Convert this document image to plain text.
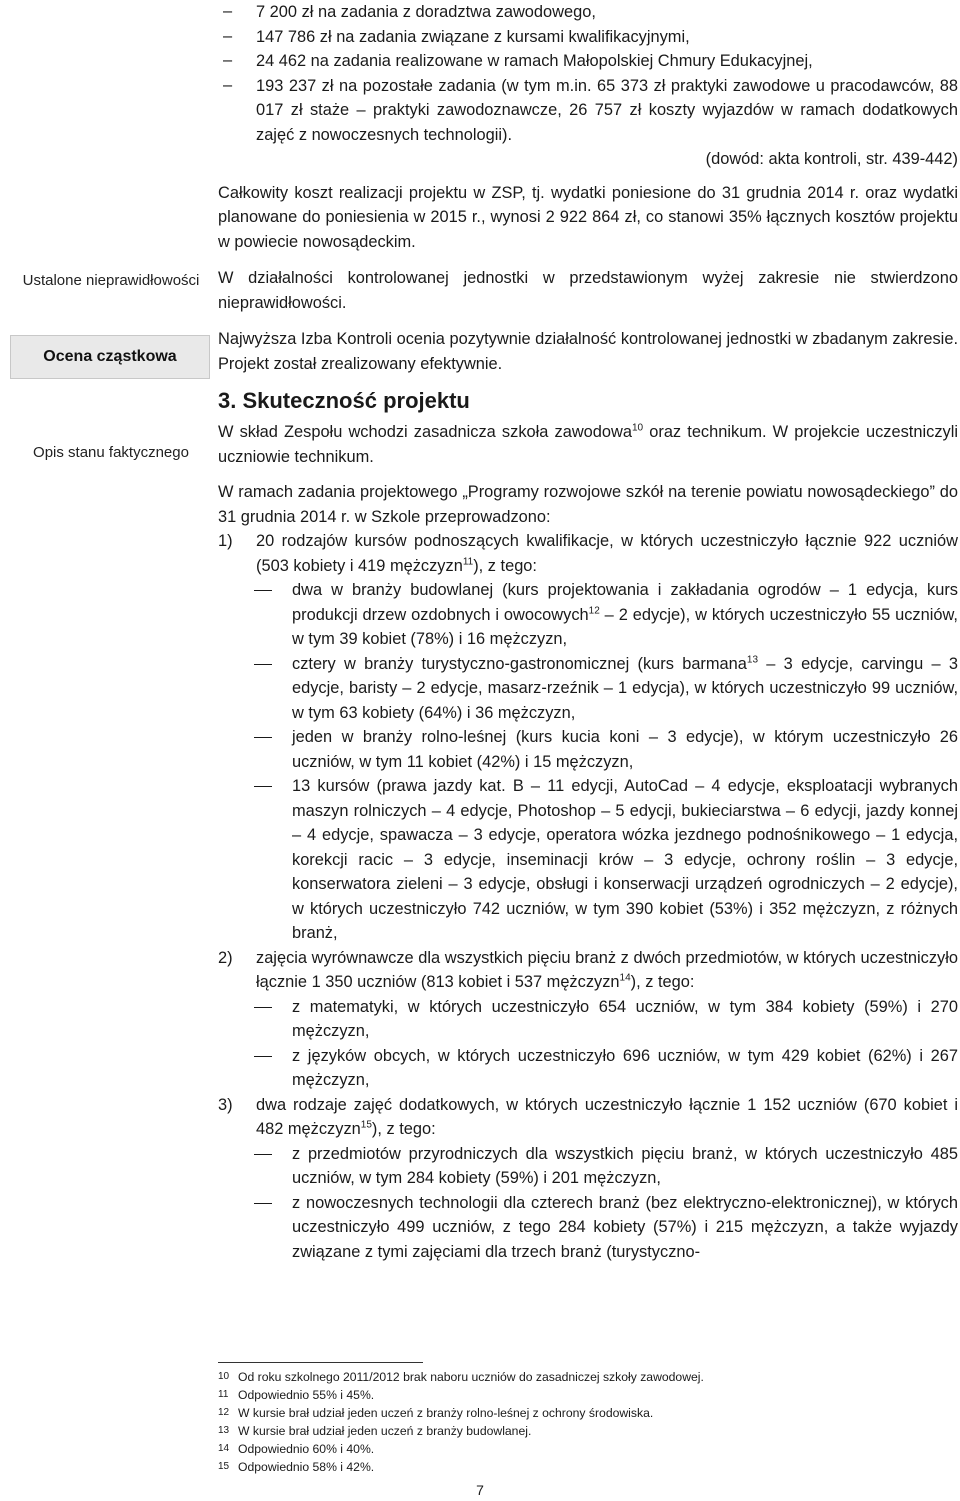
Ustalone nieprawidłowości
Ocena cząstkowa
Opis stanu faktycznego
– 7 200 zł na zadania z doradztwa zawodowego,
– 147 786 zł na zadania związane z kursami kwalifikacyjnymi,
– 24 462 na zadania realizowane w ramach Małopolskiej Chmury Edukacyjnej,
– 193 237 zł na pozostałe zadania (w tym m.in. 65 373 zł praktyki zawodowe u pracodawców, 88 017 zł staże – praktyki zawodoznawcze, 26 757 zł koszty wyjazdów w ramach dodatkowych zajęć z nowoczesnych technologii).

(dowód: akta kontroli, str. 439-442)

Całkowity koszt realizacji projektu w ZSP, tj. wydatki poniesione do 31 grudnia 2014 r. oraz wydatki planowane do poniesienia w 2015 r., wynosi 2 922 864 zł, co stanowi 35% łącznych kosztów projektu w powiecie nowosądeckim.

W działalności kontrolowanej jednostki w przedstawionym wyżej zakresie nie stwierdzono nieprawidłowości.

Najwyższa Izba Kontroli ocenia pozytywnie działalność kontrolowanej jednostki w zbadanym zakresie. Projekt został zrealizowany efektywnie.

3. Skuteczność projektu

W skład Zespołu wchodzi zasadnicza szkoła zawodowa$^{10}$ oraz technikum. W projekcie uczestniczyli uczniowie technikum.

W ramach zadania projektowego „Programy rozwojowe szkół na terenie powiatu nowosądeckiego” do 31 grudnia 2014 r. w Szkole przeprowadzono:

1) 20 rodzajów kursów podnoszących kwalifikacje, w których uczestniczyło łącznie 922 uczniów (503 kobiety i 419 mężczyzn$^{11}$), z tego:
dwa w branży budowlanej (kurs projektowania i zakładania ogrodów – 1 edycja, kurs produkcji drzew ozdobnych i owocowych$^{12}$ – 2 edycje), w których uczestniczyło 55 uczniów, w tym 39 kobiet (78%) i 16 mężczyzn,
cztery w branży turystyczno-gastronomicznej (kurs barmana$^{13}$ – 3 edycje, carvingu – 3 edycje, baristy – 2 edycje, masarz-rzeźnik – 1 edycja), w których uczestniczyło 99 uczniów, w tym 63 kobiety (64%) i 36 mężczyzn,
jeden w branży rolno-leśnej (kurs kucia koni – 3 edycje), w którym uczestniczyło 26 uczniów, w tym 11 kobiet (42%) i 15 mężczyzn,
13 kursów (prawa jazdy kat. B – 11 edycji, AutoCad – 4 edycje, eksploatacji wybranych maszyn rolniczych – 4 edycje, Photoshop – 5 edycji, bukieciarstwa – 6 edycji, jazdy konnej – 4 edycje, spawacza – 3 edycje, operatora wózka jezdnego podnośnikowego – 1 edycja, korekcji racic – 3 edycje, inseminacji krów – 3 edycje, ochrony roślin – 3 edycje, konserwatora zieleni – 3 edycje, obsługi i konserwacji urządzeń ogrodniczych – 2 edycje), w których uczestniczyło 742 uczniów, w tym 390 kobiet (53%) i 352 mężczyzn, z różnych branż,
2) zajęcia wyrównawcze dla wszystkich pięciu branż z dwóch przedmiotów, w których uczestniczyło łącznie 1 350 uczniów (813 kobiet i 537 mężczyzn$^{14}$), z tego:
z matematyki, w których uczestniczyło 654 uczniów, w tym 384 kobiety (59%) i 270 mężczyzn,
z języków obcych, w których uczestniczyło 696 uczniów, w tym 429 kobiet (62%) i 267 mężczyzn,
3) dwa rodzaje zajęć dodatkowych, w których uczestniczyło łącznie 1 152 uczniów (670 kobiet i 482 mężczyzn$^{15}$), z tego:
z przedmiotów przyrodniczych dla wszystkich pięciu branż, w których uczestniczyło 485 uczniów, w tym 284 kobiety (59%) i 201 mężczyzn,
z nowoczesnych technologii dla czterech branż (bez elektryczno-elektronicznej), w których uczestniczyło 499 uczniów, z tego 284 kobiety (57%) i 215 mężczyzn, a także wyjazdy związane z tymi zajęciami dla trzech branż (turystyczno-

10 Od roku szkolnego 2011/2012 brak naboru uczniów do zasadniczej szkoły zawodowej.

11 Odpowiednio 55% i 45%.

12 W kursie brał udział jeden uczeń z branży rolno-leśnej z ochrony środowiska.

13 W kursie brał udział jeden uczeń z branży budowlanej.

14 Odpowiednio 60% i 40%.

15 Odpowiednio 58% i 42%.

7
